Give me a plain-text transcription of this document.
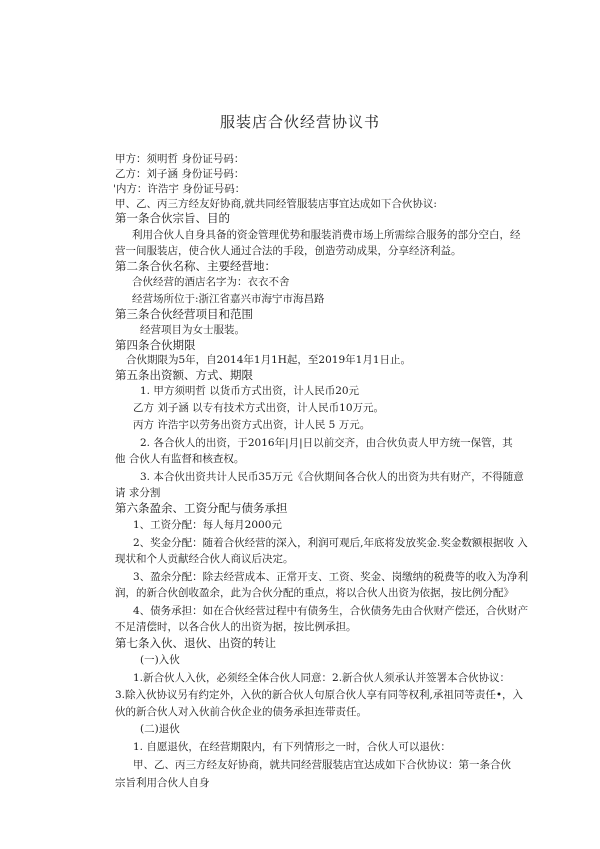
服装店合伙经营协议书
甲方：须明哲 身份证号码：
乙方：刘子涵 身份证号码：
'内方：许浩宇 身份证号码：
甲、乙、丙三方经友好协商,就共同经管服装店事宜达成如下合伙协议:
第一条合伙宗旨、目的
利用合伙人自身具备的资金管理优势和服装消费市场上所需综合服务的部分空白，经
营一间服装店，使合伙人通过合法的手段，创造劳动成果，分享经济利益。
第二条合伙名称、主要经营地：
合伙经营的酒店名字为：衣衣不舍
经营场所位于:浙江省嘉兴市海宁市海昌路
第三条合伙经营项目和范围
经营项目为女士服装。
第四条合伙期限
合伙期限为5年，自2014年1月1H起，至2019年1月1日止。
第五条出资额、方式、期限
1. 甲方须明哲 以货币方式出资，计人民币20元
乙方 刘子涵 以专有技术方式出资，计人民币10万元。
丙方 许浩宇以劳务出资方式出资，计人民 5 万元。
2. 各合伙人的出资，于2016年|月|日以前交齐，由合伙负责人甲方统一保管，其
他 合伙人有监督和核查权。
3. 本合伙出资共计人民币35万元《合伙期间各合伙人的出资为共有财产，不得随意
请 求分割
第六条盈余、工资分配与债务承担
1、工资分配：每人每月2000元
2、奖金分配：随着合伙经营的深入，利润可观后,年底将发放奖金.奖金数额根据收 入
现状和个人贡献经合伙人商议后决定。
3、盈余分配：除去经营成本、正常开支、工资、奖金、岗缴纳的税费等的收入为净利
润，的新合伙创收盈余，此为合伙分配的重点，将以合伙人出资为依据，按比例分配》
4、债务承担：如在合伙经营过程中有债务生，合伙债务先由合伙财产偿还，合伙财产
不足清偿时，以各合伙人的出资为据，按比例承担。
第七条入伙、退伙、出资的转让
(一)入伙
1.新合伙人入伙，必须经全体合伙人同意：2.新合伙人须承认并签署本合伙协议：
3.除入伙协议另有约定外，入伙的新合伙人句原合伙人享有同等权利,承祖同等责任•，入
伙的新合伙人对入伙前合伙企业的债务承担连带责任。
(二)退伙
1. 自愿退伙，在经营期限内，有下列情形之一时，合伙人可以退伙：
甲、乙、丙三方经友好协商，就共同经营服装店宜达成如下合伙协议：第一条合伙
宗旨利用合伙人自身
